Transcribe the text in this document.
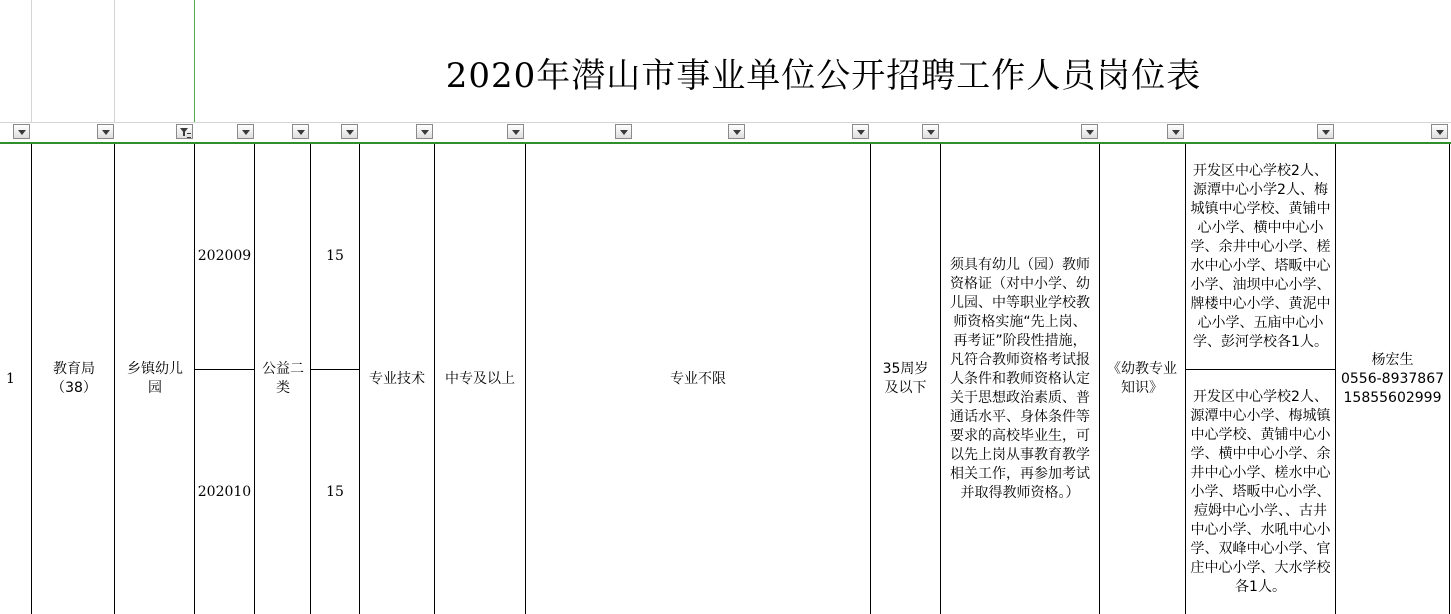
2020年潜山市事业单位公开招聘工作人员岗位表
1
教育局（38）
乡镇幼儿园
202009
202010
公益二类
15
15
专业技术	中专及以上	专业不限
35周岁及以下
须具有幼儿（园）教师资格证（对中小学、幼儿园、中等职业学校教师资格实施“先上岗、再考证”阶段性措施，凡符合教师资格考试报人条件和教师资格认定关于思想政治素质、普通话水平、身体条件等要求的高校毕业生，可以先上岗从事教育教学相关工作，再参加考试并取得教师资格。）
《幼教专业知识》
开发区中心学校2人、源潭中心小学2人、梅城镇中心学校、黄铺中心小学、横中中心小学、余井中心小学、槎水中心小学、塔畈中心小学、油坝中心小学、牌楼中心小学、黄泥中心小学、五庙中心小学、彭河学校各1人。
开发区中心学校2人、源潭中心小学、梅城镇中心学校、黄铺中心小学、横中中心小学、余井中心小学、槎水中心小学、塔畈中心小学、痘姆中心小学、、古井中心小学、水吼中心小学、双峰中心小学、官庄中心小学、大水学校各1人。
杨宏生
0556-8937867
15855602999
